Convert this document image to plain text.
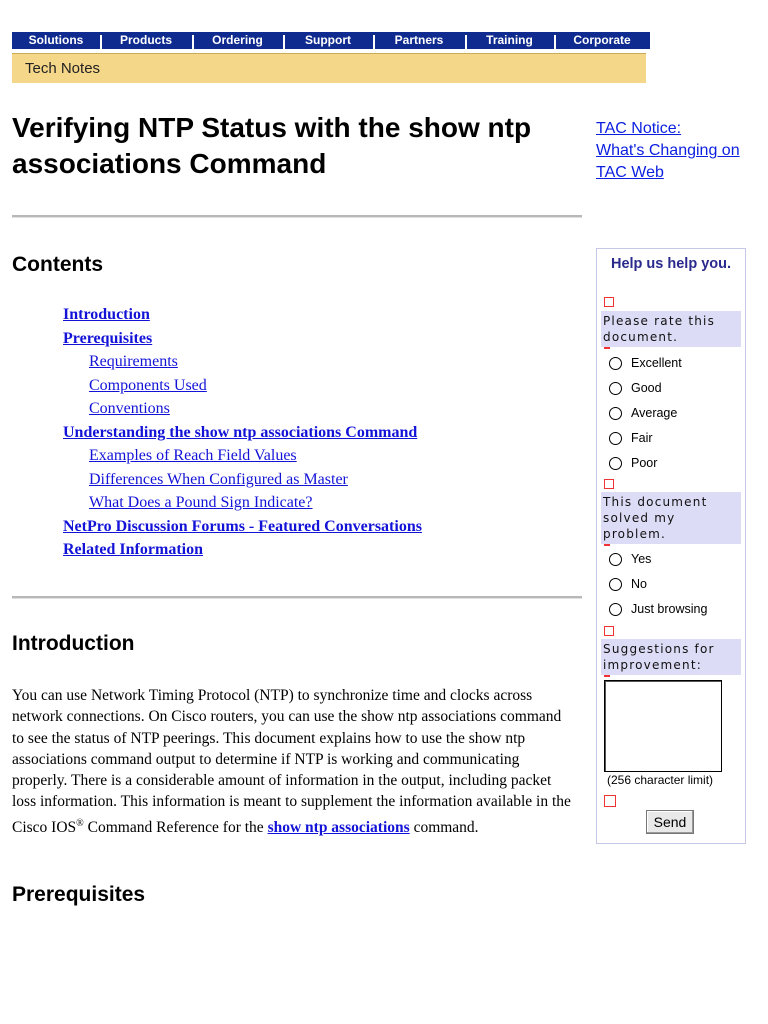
Solutions	Products	Ordering	Support	Partners	Training	Corporate
Tech Notes
Verifying NTP Status with the show ntp associations Command
TAC Notice:
What's Changing on TAC Web
Contents
Introduction
Prerequisites
Requirements
Components Used
Conventions
Understanding the show ntp associations Command
Examples of Reach Field Values
Differences When Configured as Master
What Does a Pound Sign Indicate?
NetPro Discussion Forums - Featured Conversations
Related Information
Introduction

You can use Network Timing Protocol (NTP) to synchronize time and clocks across network connections. On Cisco routers, you can use the show ntp associations command to see the status of NTP peerings. This document explains how to use the show ntp associations command output to determine if NTP is working and communicating properly. There is a considerable amount of information in the output, including packet loss information. This information is meant to supplement the information available in the Cisco IOS® Command Reference for the show ntp associations command.

Prerequisites
Help us help you.
Please rate this document.
Excellent
Good
Average
Fair
Poor
This document solved my problem.
Yes
No
Just browsing
Suggestions for improvement:
(256 character limit)
Send
